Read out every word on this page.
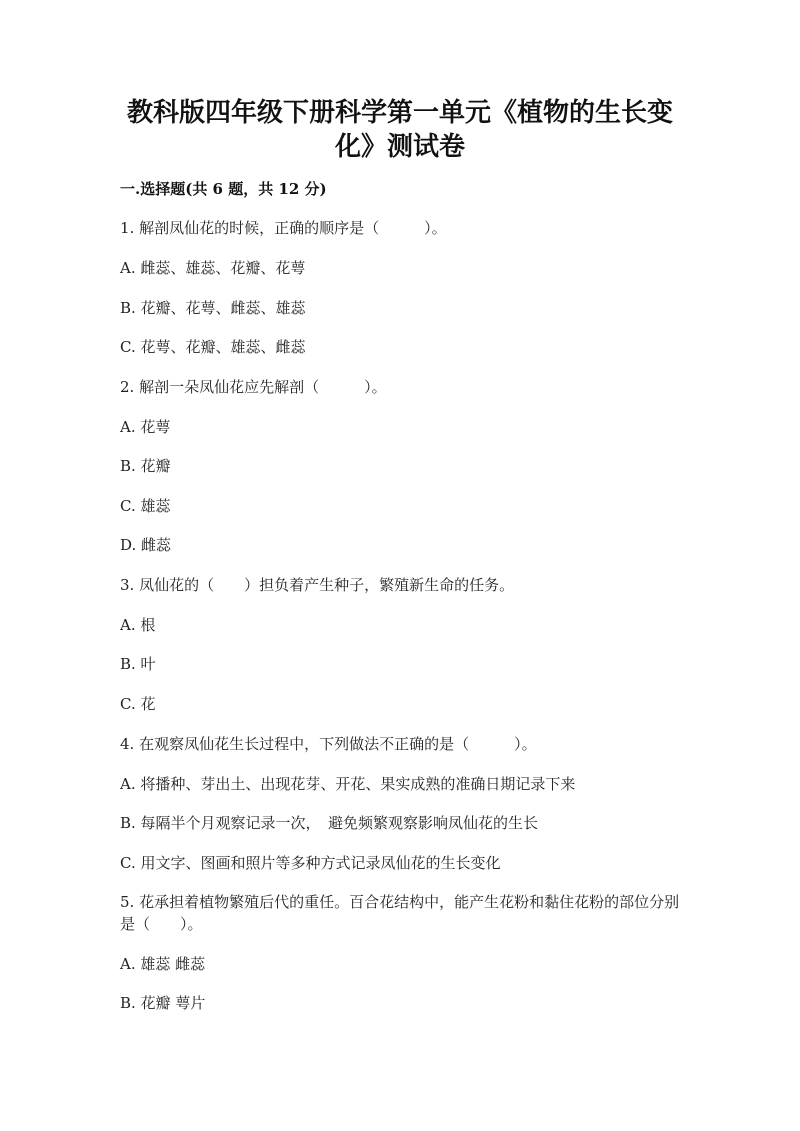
教科版四年级下册科学第一单元《植物的生长变
化》测试卷
一.选择题(共 6 题，共 12 分)
1. 解剖凤仙花的时候，正确的顺序是（　　　）。
A. 雌蕊、雄蕊、花瓣、花萼
B. 花瓣、花萼、雌蕊、雄蕊
C. 花萼、花瓣、雄蕊、雌蕊
2. 解剖一朵凤仙花应先解剖（　　　）。
A. 花萼
B. 花瓣
C. 雄蕊
D. 雌蕊
3. 凤仙花的（　　）担负着产生种子，繁殖新生命的任务。
A. 根
B. 叶
C. 花
4. 在观察凤仙花生长过程中，下列做法不正确的是（　　　）。
A. 将播种、芽出土、出现花芽、开花、果实成熟的准确日期记录下来
B. 每隔半个月观察记录一次，　避免频繁观察影响凤仙花的生长
C. 用文字、图画和照片等多种方式记录凤仙花的生长变化
5. 花承担着植物繁殖后代的重任。百合花结构中，能产生花粉和黏住花粉的部位分别是（　　）。
A. 雄蕊 雌蕊
B. 花瓣 萼片
